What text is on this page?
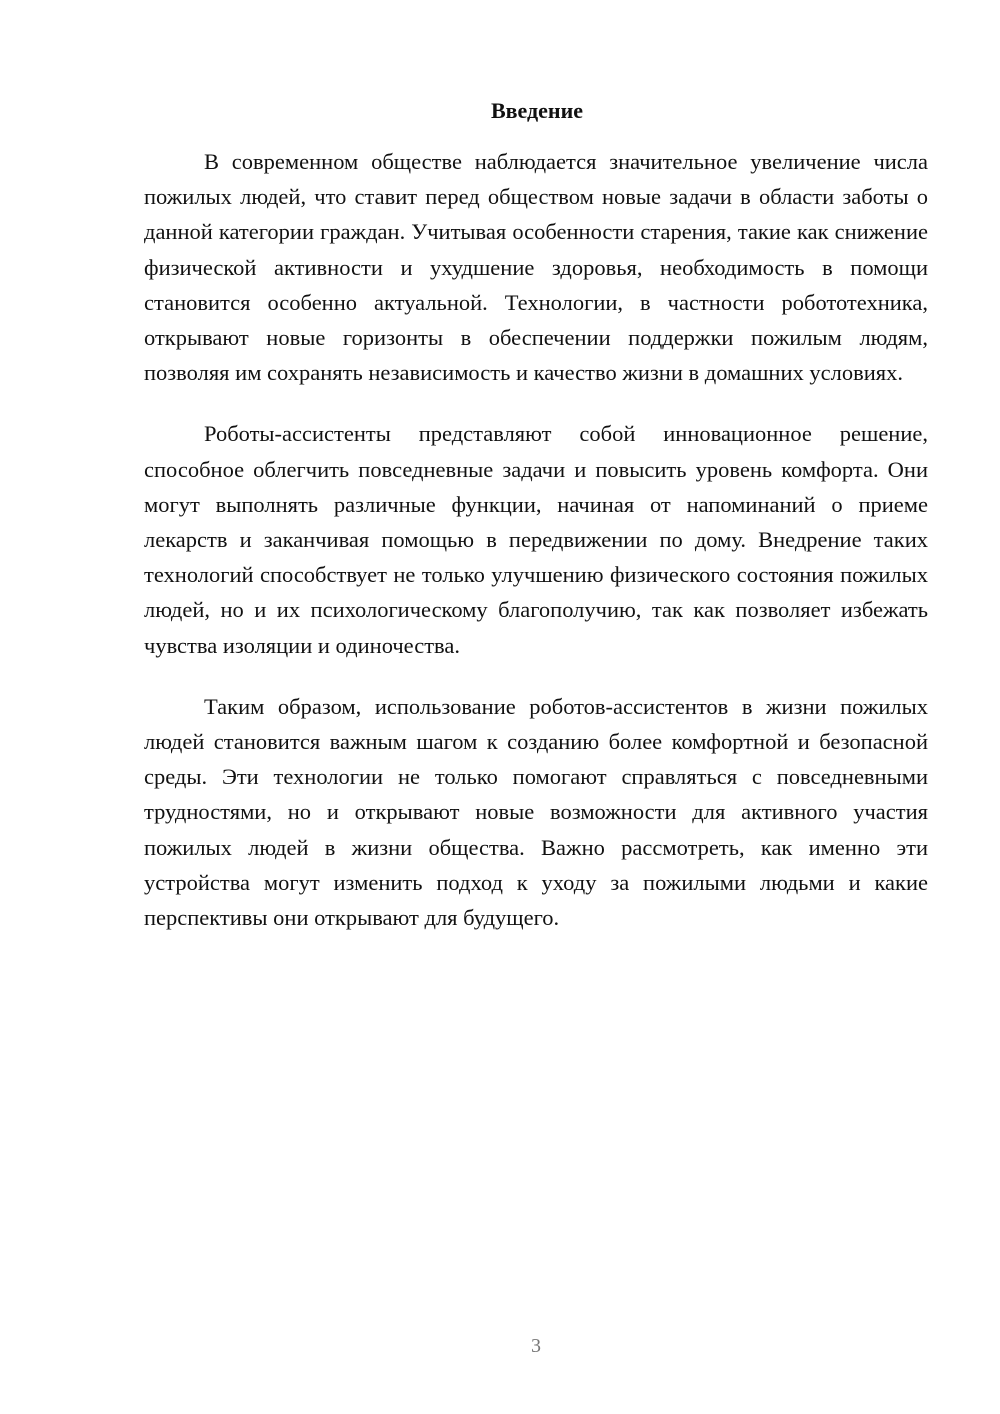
Введение

В современном обществе наблюдается значительное увеличение числа пожилых людей, что ставит перед обществом новые задачи в области заботы о данной категории граждан. Учитывая особенности старения, такие как снижение физической активности и ухудшение здоровья, необходимость в помощи становится особенно актуальной. Технологии, в частности робототехника, открывают новые горизонты в обеспечении поддержки пожилым людям, позволяя им сохранять независимость и качество жизни в домашних условиях.

Роботы-ассистенты представляют собой инновационное решение, способное облегчить повседневные задачи и повысить уровень комфорта. Они могут выполнять различные функции, начиная от напоминаний о приеме лекарств и заканчивая помощью в передвижении по дому. Внедрение таких технологий способствует не только улучшению физического состояния пожилых людей, но и их психологическому благополучию, так как позволяет избежать чувства изоляции и одиночества.

Таким образом, использование роботов-ассистентов в жизни пожилых людей становится важным шагом к созданию более комфортной и безопасной среды. Эти технологии не только помогают справляться с повседневными трудностями, но и открывают новые возможности для активного участия пожилых людей в жизни общества. Важно рассмотреть, как именно эти устройства могут изменить подход к уходу за пожилыми людьми и какие перспективы они открывают для будущего.

3
